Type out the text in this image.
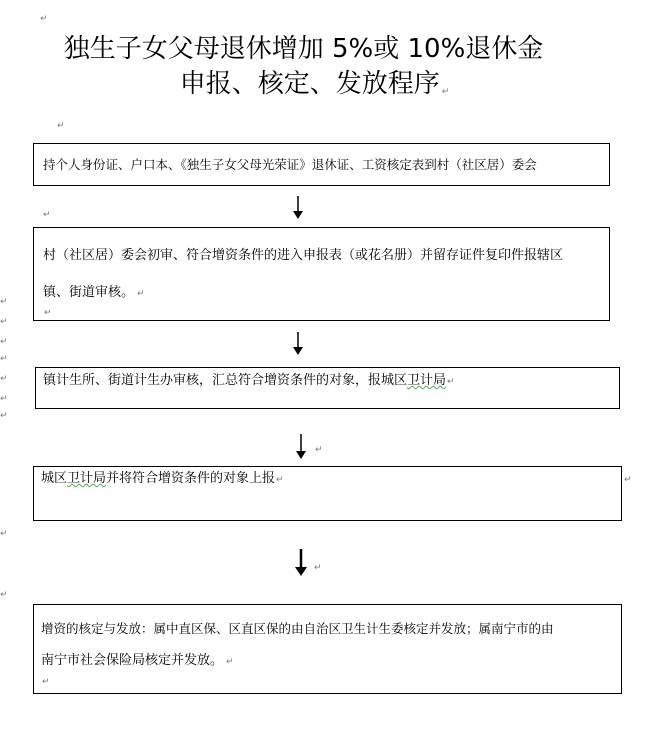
↵
独生子女父母退休增加 5%或 10%退休金
申报、核定、发放程序 ↵
↵
持个人身份证、户口本、《独生子女父母光荣证》退休证、工资核定表到村（社区居）委会
↵
村（社区居）委会初审、符合增资条件的进入申报表（或花名册）并留存证件复印件报辖区
镇、街道审核。 ↵
↵
↵
↵
↵
↵
↵
↵
↵
镇计生所、街道计生办审核，汇总符合增资条件的对象，报城区卫计局↵
↵
城区卫计局并将符合增资条件的对象上报↵	↵
↵
↵
↵
增资的核定与发放：属中直区保、区直区保的由自治区卫生计生委核定并发放；属南宁市的由
南宁市社会保险局核定并发放。 ↵
↵
